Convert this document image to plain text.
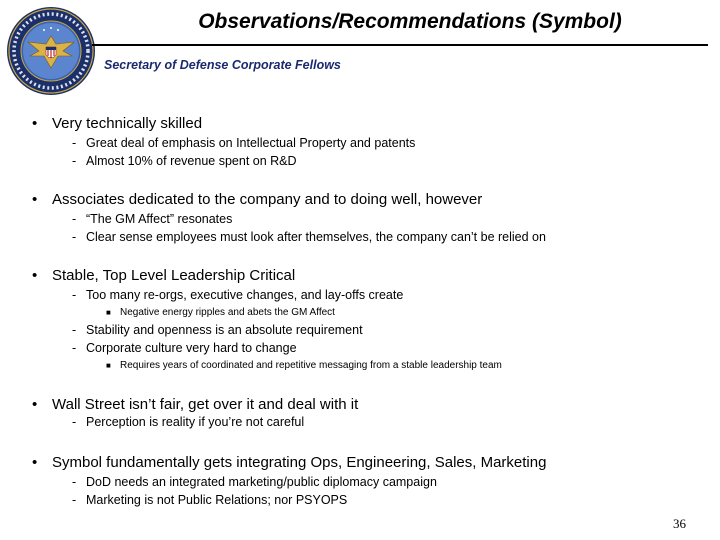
Observations/Recommendations (Symbol)
Secretary of Defense Corporate Fellows
• Very technically skilled
- Great deal of emphasis on Intellectual Property and patents
- Almost 10% of revenue spent on R&D
• Associates dedicated to the company and to doing well, however
- “The GM Affect” resonates
- Clear sense employees must look after themselves, the company can’t be relied on
• Stable, Top Level Leadership Critical
- Too many re-orgs, executive changes, and lay-offs create
■ Negative energy ripples and abets the GM Affect
- Stability and openness is an absolute requirement
- Corporate culture very hard to change
■ Requires years of coordinated and repetitive messaging from a stable leadership team
• Wall Street isn’t fair, get over it and deal with it
- Perception is reality if you’re not careful
• Symbol fundamentally gets integrating Ops, Engineering, Sales, Marketing
- DoD needs an integrated marketing/public diplomacy campaign
- Marketing is not Public Relations; nor PSYOPS
36
